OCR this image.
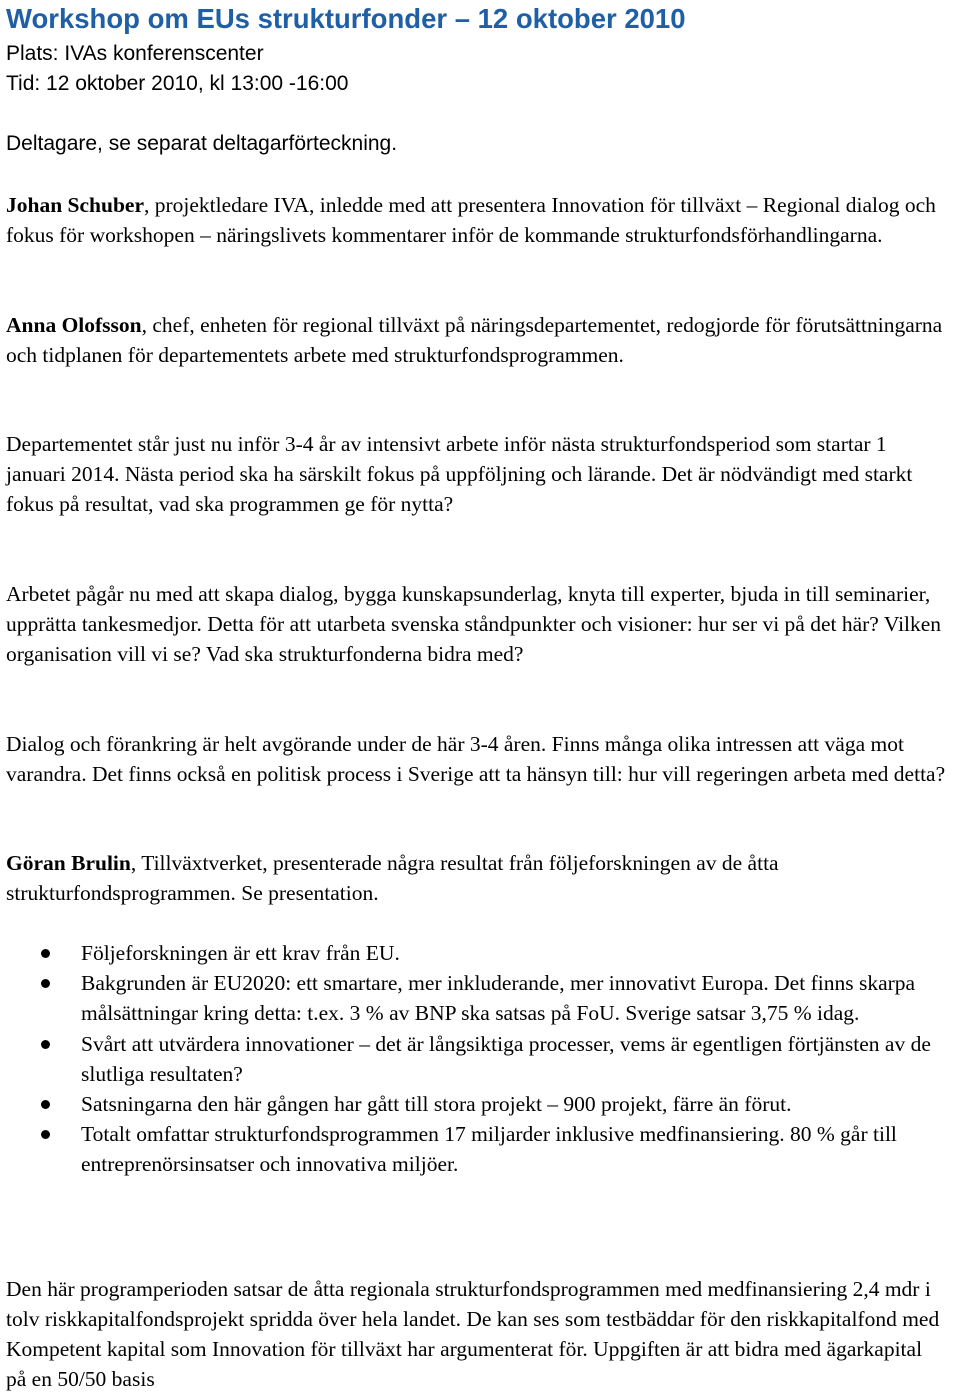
Workshop om EUs strukturfonder – 12 oktober 2010

Plats: IVAs konferenscenter

Tid: 12 oktober 2010, kl 13:00 -16:00

Deltagare, se separat deltagarförteckning.

Johan Schuber, projektledare IVA, inledde med att presentera Innovation för tillväxt – Regional dialog och fokus för workshopen – näringslivets kommentarer inför de kommande strukturfondsförhandlingarna.

Anna Olofsson, chef, enheten för regional tillväxt på näringsdepartementet, redogjorde för förutsättningarna och tidplanen för departementets arbete med strukturfondsprogrammen.

Departementet står just nu inför 3-4 år av intensivt arbete inför nästa strukturfondsperiod som startar 1 januari 2014. Nästa period ska ha särskilt fokus på uppföljning och lärande. Det är nödvändigt med starkt fokus på resultat, vad ska programmen ge för nytta?

Arbetet pågår nu med att skapa dialog, bygga kunskapsunderlag, knyta till experter, bjuda in till seminarier, upprätta tankesmedjor. Detta för att utarbeta svenska ståndpunkter och visioner: hur ser vi på det här? Vilken organisation vill vi se? Vad ska strukturfonderna bidra med?

Dialog och förankring är helt avgörande under de här 3-4 åren. Finns många olika intressen att väga mot varandra. Det finns också en politisk process i Sverige att ta hänsyn till: hur vill regeringen arbeta med detta?

Göran Brulin, Tillväxtverket, presenterade några resultat från följeforskningen av de åtta strukturfondsprogrammen. Se presentation.

Följeforskningen är ett krav från EU.
Bakgrunden är EU2020: ett smartare, mer inkluderande, mer innovativt Europa. Det finns skarpa målsättningar kring detta: t.ex. 3 % av BNP ska satsas på FoU. Sverige satsar 3,75 % idag.
Svårt att utvärdera innovationer – det är långsiktiga processer, vems är egentligen förtjänsten av de slutliga resultaten?
Satsningarna den här gången har gått till stora projekt – 900 projekt, färre än förut.
Totalt omfattar strukturfondsprogrammen 17 miljarder inklusive medfinansiering. 80 % går till entreprenörsinsatser och innovativa miljöer.

Den här programperioden satsar de åtta regionala strukturfondsprogrammen med medfinansiering 2,4 mdr i tolv riskkapitalfondsprojekt spridda över hela landet. De kan ses som testbäddar för den riskkapitalfond med Kompetent kapital som Innovation för tillväxt har argumenterat för. Uppgiften är att bidra med ägarkapital på en 50/50 basis
